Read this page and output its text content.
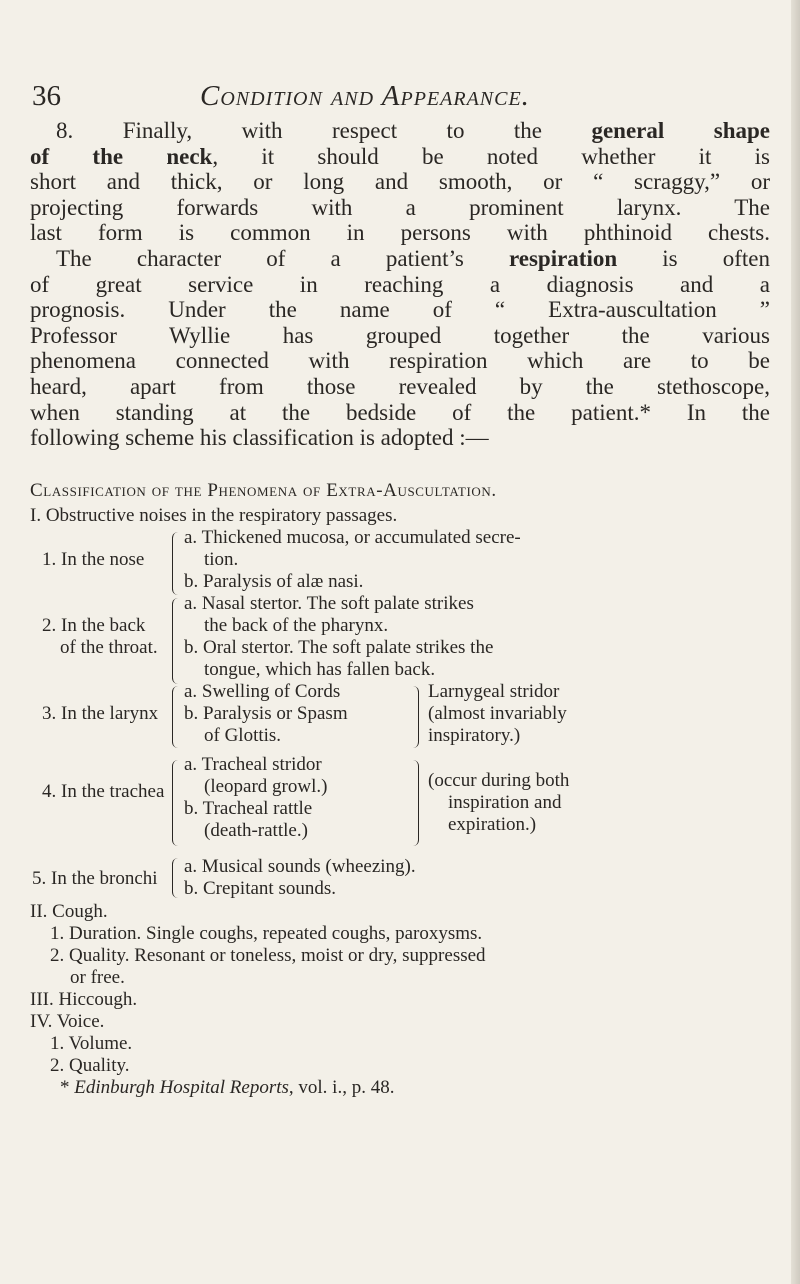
36	Condition and Appearance.
8. Finally, with respect to the general shape
of the neck, it should be noted whether it is
short and thick, or long and smooth, or “ scraggy,” or
projecting forwards with a prominent larynx. The
last form is common in persons with phthinoid chests.
The character of a patient’s respiration is often
of great service in reaching a diagnosis and a
prognosis. Under the name of “ Extra-auscultation ”
Professor Wyllie has grouped together the various
phenomena connected with respiration which are to be
heard, apart from those revealed by the stethoscope,
when standing at the bedside of the patient.* In the
following scheme his classification is adopted :—
Classification of the Phenomena of Extra-Auscultation.
I. Obstructive noises in the respiratory passages.
1. In the nose
a. Thickened mucosa, or accumulated secre-
tion.
b. Paralysis of alæ nasi.
2. In the back
of the throat.
a. Nasal stertor. The soft palate strikes
the back of the pharynx.
b. Oral stertor. The soft palate strikes the
tongue, which has fallen back.
3. In the larynx
a. Swelling of Cords
b. Paralysis or Spasm
of Glottis.
Larnygeal stridor
(almost invariably
inspiratory.)
4. In the trachea
a. Tracheal stridor
(leopard growl.)
b. Tracheal rattle
(death-rattle.)
(occur during both
inspiration and
expiration.)
5. In the bronchi
a. Musical sounds (wheezing).
b. Crepitant sounds.
II. Cough.
1. Duration. Single coughs, repeated coughs, paroxysms.
2. Quality. Resonant or toneless, moist or dry, suppressed
or free.
III. Hiccough.
IV. Voice.
1. Volume.
2. Quality.
* Edinburgh Hospital Reports, vol. i., p. 48.
